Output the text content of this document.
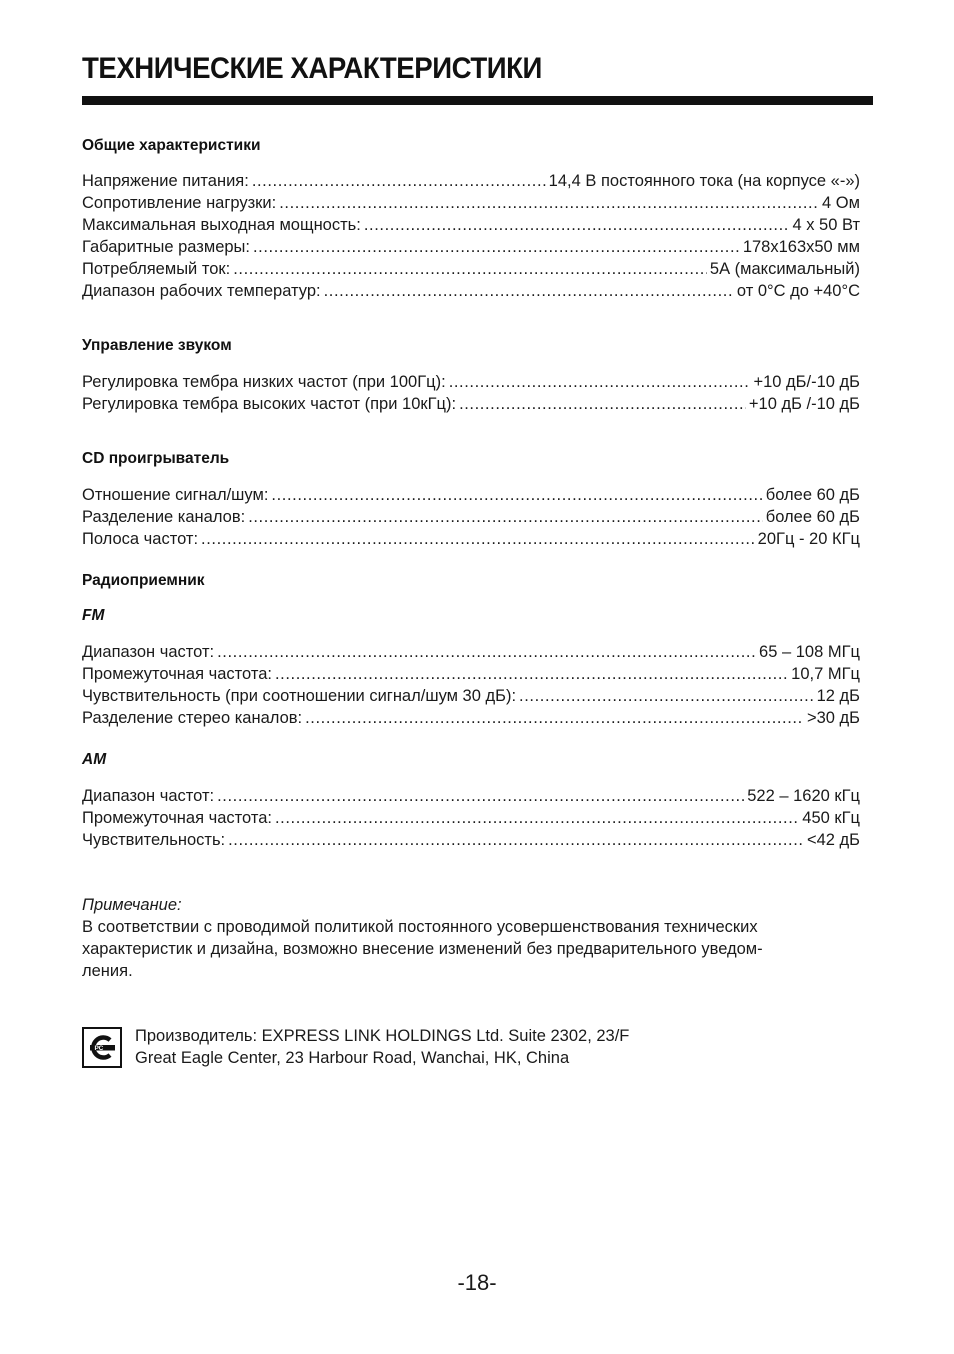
ТЕХНИЧЕСКИЕ ХАРАКТЕРИСТИКИ
Общие характеристики
Напряжение питания: .....	14,4 В постоянного тока (на корпусе «-»)
Сопротивление нагрузки: .....	4 Ом
Максимальная выходная мощность: .....	4 x 50 Вт
Габаритные размеры: .....	178x163x50 мм
Потребляемый ток: .....	5А (максимальный)
Диапазон рабочих температур: .....	от 0°С до +40°С
Управление звуком
Регулировка тембра низких частот (при 100Гц): .....	+10 дБ/-10 дБ
Регулировка тембра высоких частот (при 10кГц): .....	+10 дБ /-10 дБ
CD проигрыватель
Отношение сигнал/шум: .....	более 60 дБ
Разделение каналов: .....	более 60 дБ
Полоса частот: .....	20Гц - 20 КГц
Радиоприемник
FM
Диапазон частот: .....	65 – 108 МГц
Промежуточная частота: .....	10,7 МГц
Чувствительность (при соотношении сигнал/шум 30 дБ): .....	12 дБ
Разделение стерео каналов: .....	>30 дБ
AM
Диапазон частот: .....	522 – 1620 кГц
Промежуточная частота: .....	450 кГц
Чувствительность: .....	<42 дБ
Примечание:
В соответствии с проводимой политикой постоянного усовершенствования технических
характеристик и дизайна, возможно внесение изменений без предварительного уведом-
ления.
РС
Производитель: EXPRESS LINK HOLDINGS Ltd. Suite 2302, 23/F
Great Eagle Center, 23 Harbour Road, Wanchai, HK, China
-18-
